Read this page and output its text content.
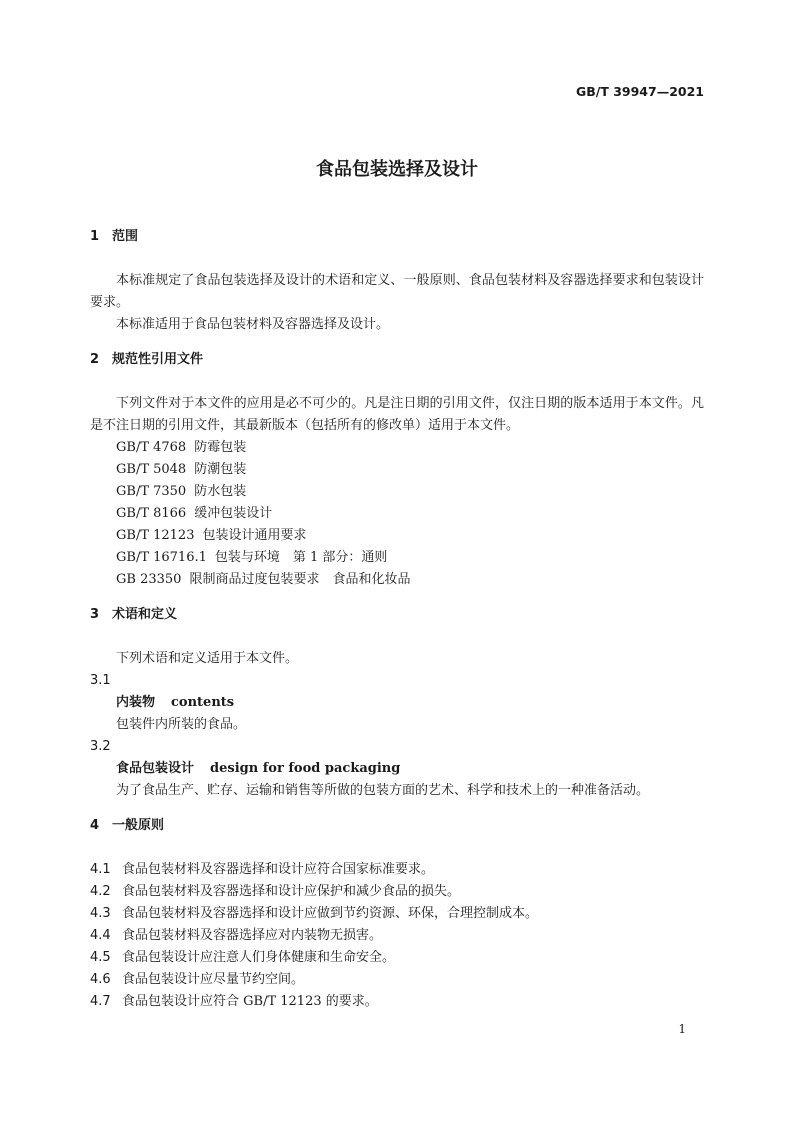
GB/T 39947—2021
食品包装选择及设计
1 范围

本标准规定了食品包装选择及设计的术语和定义、一般原则、食品包装材料及容器选择要求和包装设计要求。

本标准适用于食品包装材料及容器选择及设计。

2 规范性引用文件

下列文件对于本文件的应用是必不可少的。凡是注日期的引用文件，仅注日期的版本适用于本文件。凡是不注日期的引用文件，其最新版本（包括所有的修改单）适用于本文件。

GB/T 4768 防霉包装
GB/T 5048 防潮包装
GB/T 7350 防水包装
GB/T 8166 缓冲包装设计
GB/T 12123 包装设计通用要求
GB/T 16716.1 包装与环境　第 1 部分：通则
GB 23350 限制商品过度包装要求　食品和化妆品
3 术语和定义

下列术语和定义适用于本文件。

3.1
内装物 contents
包装件内所装的食品。
3.2
食品包装设计 design for food packaging
为了食品生产、贮存、运输和销售等所做的包装方面的艺术、科学和技术上的一种准备活动。
4 一般原则
4.1 食品包装材料及容器选择和设计应符合国家标准要求。
4.2 食品包装材料及容器选择和设计应保护和减少食品的损失。
4.3 食品包装材料及容器选择和设计应做到节约资源、环保，合理控制成本。
4.4 食品包装材料及容器选择应对内装物无损害。
4.5 食品包装设计应注意人们身体健康和生命安全。
4.6 食品包装设计应尽量节约空间。
4.7 食品包装设计应符合 GB/T 12123 的要求。
1
